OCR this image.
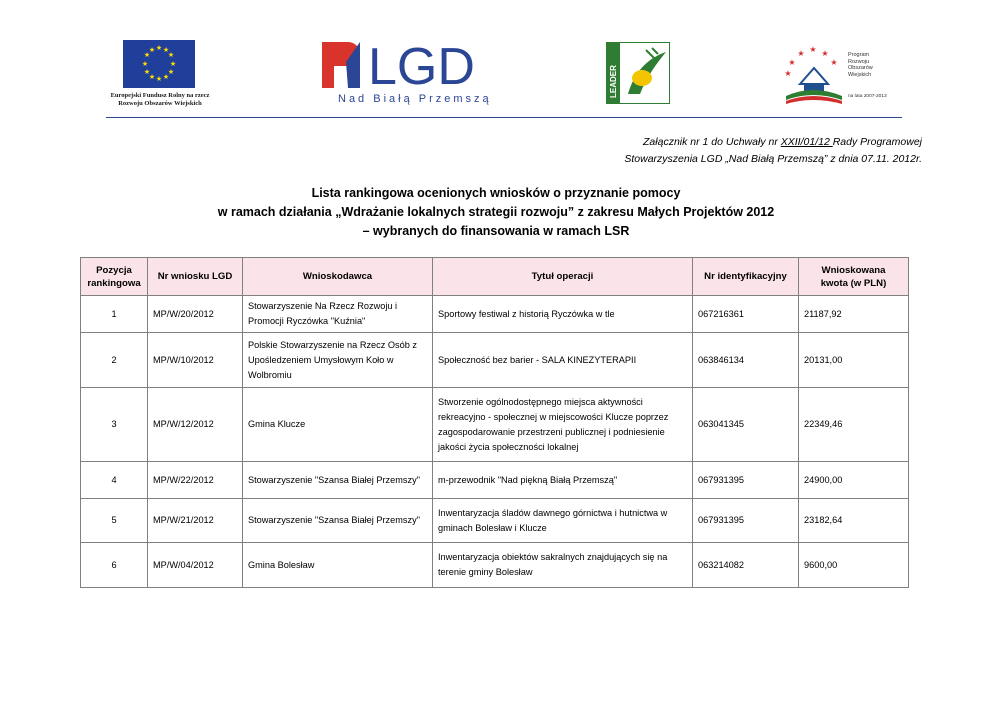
★ ★
★
★
★
★
★
★
★
★
★
★
Europejski Fundusz Rolny na rzecz
Rozwoju Obszarów Wiejskich
LGD
Nad Białą Przemszą
LEADER
★ ★
★
★
★
★
Program
Rozwoju
Obszarów
Wiejskich
na lata 2007-2013
Załącznik nr 1 do Uchwały nr XXII/01/12 Rady Programowej
Stowarzyszenia LGD „Nad Białą Przemszą” z dnia 07.11. 2012r.
Lista rankingowa ocenionych wniosków o przyznanie pomocy
w ramach działania „Wdrażanie lokalnych strategii rozwoju” z zakresu Małych Projektów 2012
– wybranych do finansowania w ramach LSR
Pozycja
rankingowa	Nr wniosku LGD	Wnioskodawca	Tytuł operacji	Nr identyfikacyjny	Wnioskowana
kwota (w PLN)
1	MP/W/20/2012	Stowarzyszenie Na Rzecz Rozwoju i Promocji Ryczówka "Kuźnia"	Sportowy festiwal z historią Ryczówka w tle	067216361	21187,92
2	MP/W/10/2012	Polskie Stowarzyszenie na Rzecz Osób z Upośledzeniem Umysłowym Koło w Wolbromiu	Społeczność bez barier - SALA KINEZYTERAPII	063846134	20131,00
3	MP/W/12/2012	Gmina Klucze	Stworzenie ogólnodostępnego miejsca aktywności rekreacyjno - społecznej w miejscowości Klucze poprzez zagospodarowanie przestrzeni publicznej i podniesienie jakości życia społeczności lokalnej	063041345	22349,46
4	MP/W/22/2012	Stowarzyszenie "Szansa Białej Przemszy"	m-przewodnik "Nad piękną Białą Przemszą"	067931395	24900,00
5	MP/W/21/2012	Stowarzyszenie "Szansa Białej Przemszy"	Inwentaryzacja śladów dawnego górnictwa i hutnictwa w gminach Bolesław i Klucze	067931395	23182,64
6	MP/W/04/2012	Gmina Bolesław	Inwentaryzacja obiektów sakralnych znajdujących się na terenie gminy Bolesław	063214082	9600,00
